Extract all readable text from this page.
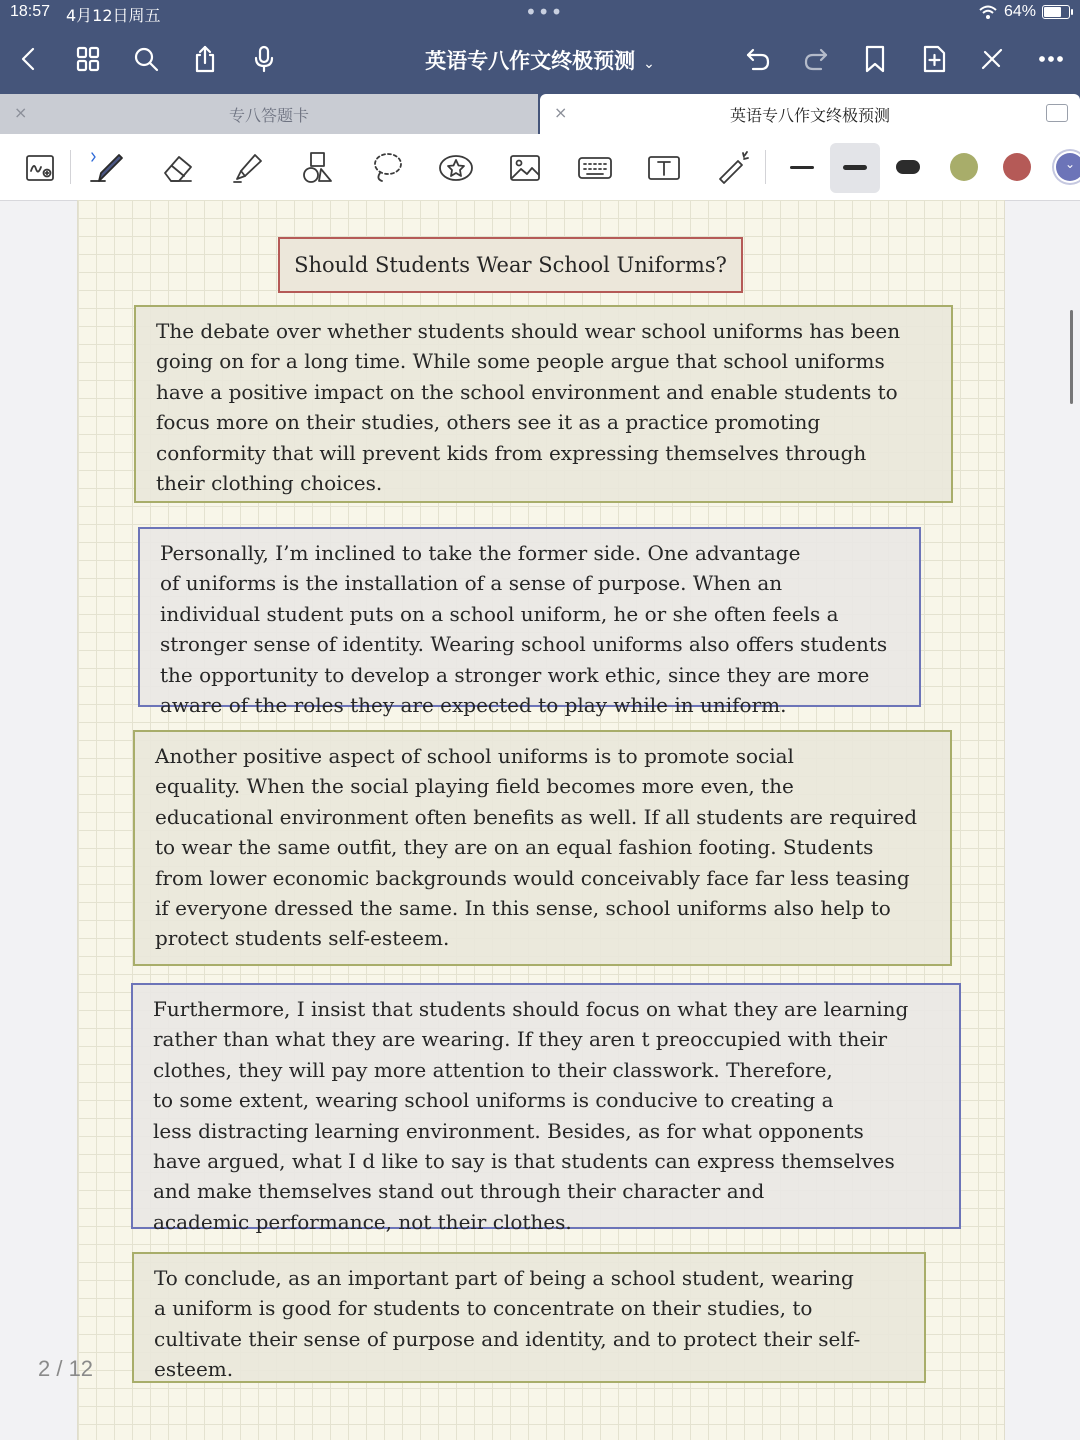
18:57 4月12日周五	•••	64%
英语专八作文终极预测 ⌄
×	专八答题卡	×	英语专八作文终极预测
⌄
Should Students Wear School Uniforms?
The debate over whether students should wear school uniforms has been
going on for a long time. While some people argue that school uniforms
have a positive impact on the school environment and enable students to
focus more on their studies, others see it as a practice promoting
conformity that will prevent kids from expressing themselves through
their clothing choices.
Personally, I’m inclined to take the former side. One advantage
of uniforms is the installation of a sense of purpose. When an
individual student puts on a school uniform, he or she often feels a
stronger sense of identity. Wearing school uniforms also offers students
the opportunity to develop a stronger work ethic, since they are more
aware of the roles they are expected to play while in uniform.
Another positive aspect of school uniforms is to promote social
equality. When the social playing field becomes more even, the
educational environment often benefits as well. If all students are required
to wear the same outfit, they are on an equal fashion footing. Students
from lower economic backgrounds would conceivably face far less teasing
if everyone dressed the same. In this sense, school uniforms also help to
protect students self-esteem.
Furthermore, I insist that students should focus on what they are learning
rather than what they are wearing. If they aren t preoccupied with their
clothes, they will pay more attention to their classwork. Therefore,
to some extent, wearing school uniforms is conducive to creating a
less distracting learning environment. Besides, as for what opponents
have argued, what I d like to say is that students can express themselves
and make themselves stand out through their character and
academic performance, not their clothes.
To conclude, as an important part of being a school student, wearing
a uniform is good for students to concentrate on their studies, to
cultivate their sense of purpose and identity, and to protect their self-
esteem.
2 / 12
